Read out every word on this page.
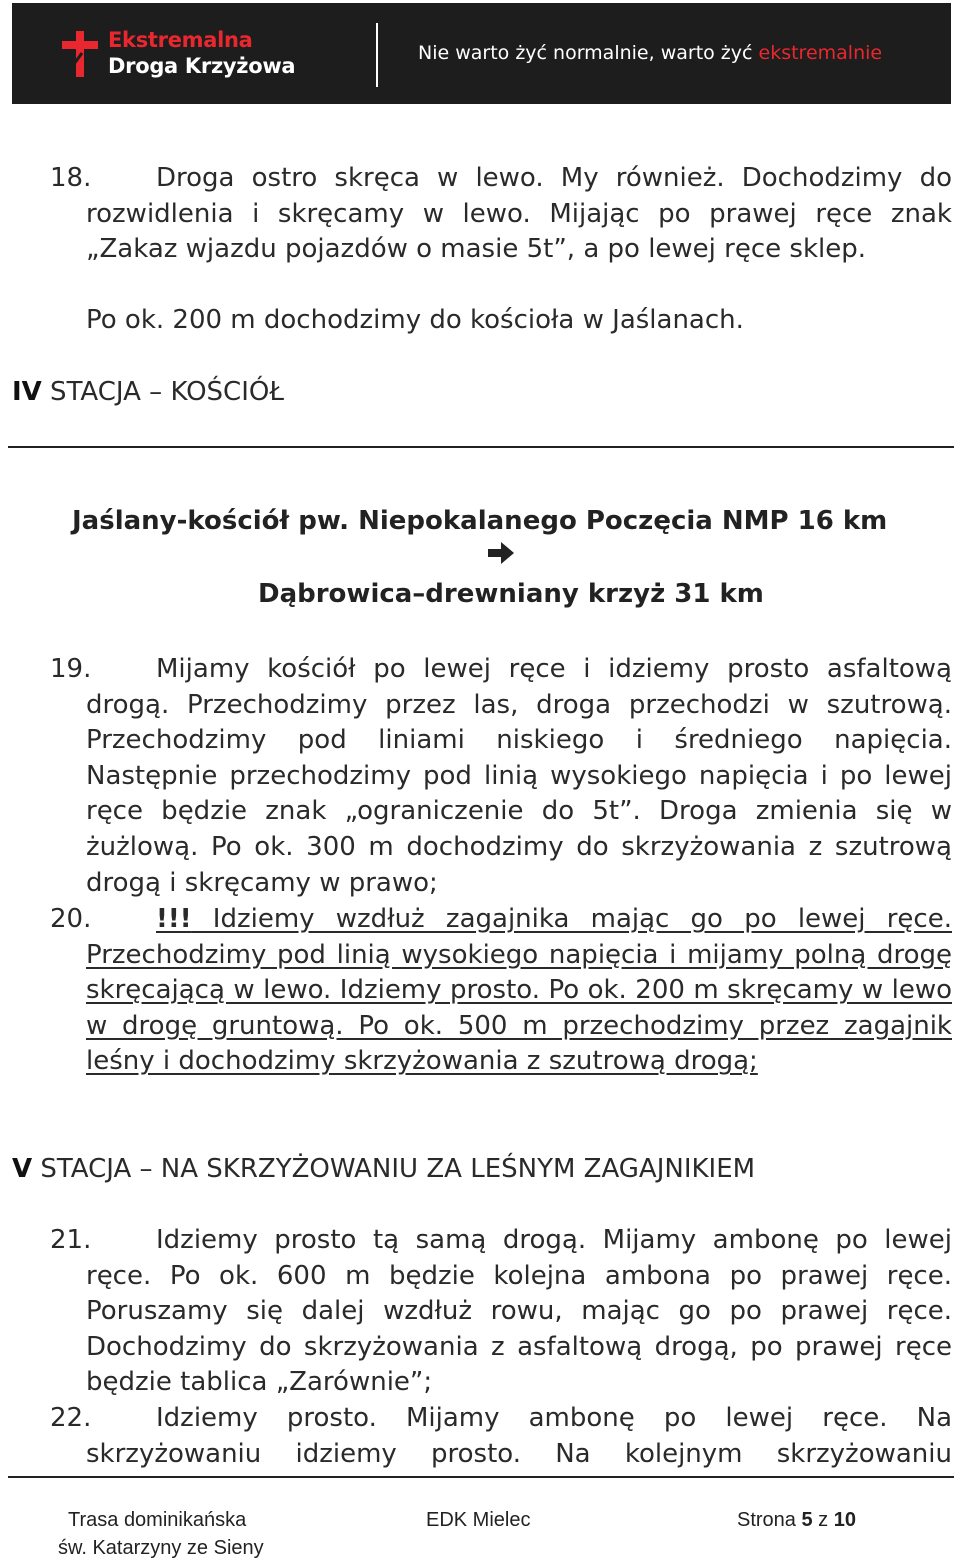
Ekstremalna
Droga Krzyżowa
Nie warto żyć normalnie, warto żyć ekstremalnie
18.	Droga ostro skręca w lewo. My również. Dochodzimy do rozwidlenia i skręcamy w lewo. Mijając po prawej ręce znak „Zakaz wjazdu pojazdów o masie 5t”, a po lewej ręce sklep.
Po ok. 200 m dochodzimy do kościoła w Jaślanach.
IV STACJA – KOŚCIÓŁ
Jaślany-kościół pw. Niepokalanego Poczęcia NMP 16 km
Dąbrowica–drewniany krzyż 31 km
19.	Mijamy kościół po lewej ręce i idziemy prosto asfaltową drogą. Przechodzimy przez las, droga przechodzi w szutrową. Przechodzimy pod liniami niskiego i średniego napięcia. Następnie przechodzimy pod linią wysokiego napięcia i po lewej ręce będzie znak „ograniczenie do 5t”. Droga zmienia się w żużlową. Po ok. 300 m dochodzimy do skrzyżowania z szutrową drogą i skręcamy w prawo;
20.	!!! Idziemy wzdłuż zagajnika mając go po lewej ręce. Przechodzimy pod linią wysokiego napięcia i mijamy polną drogę skręcającą w lewo. Idziemy prosto. Po ok. 200 m skręcamy w lewo w drogę gruntową. Po ok. 500 m przechodzimy przez zagajnik leśny i dochodzimy skrzyżowania z szutrową drogą;
V STACJA – NA SKRZYŻOWANIU ZA LEŚNYM ZAGAJNIKIEM
21.	Idziemy prosto tą samą drogą. Mijamy ambonę po lewej ręce. Po ok. 600 m będzie kolejna ambona po prawej ręce. Poruszamy się dalej wzdłuż rowu, mając go po prawej ręce. Dochodzimy do skrzyżowania z asfaltową drogą, po prawej ręce będzie tablica „Zarównie”;
22.	Idziemy prosto. Mijamy ambonę po lewej ręce. Na skrzyżowaniu idziemy prosto. Na kolejnym skrzyżowaniu
Trasa dominikańska
św. Katarzyny ze Sieny
EDK Mielec	Strona 5 z 10
